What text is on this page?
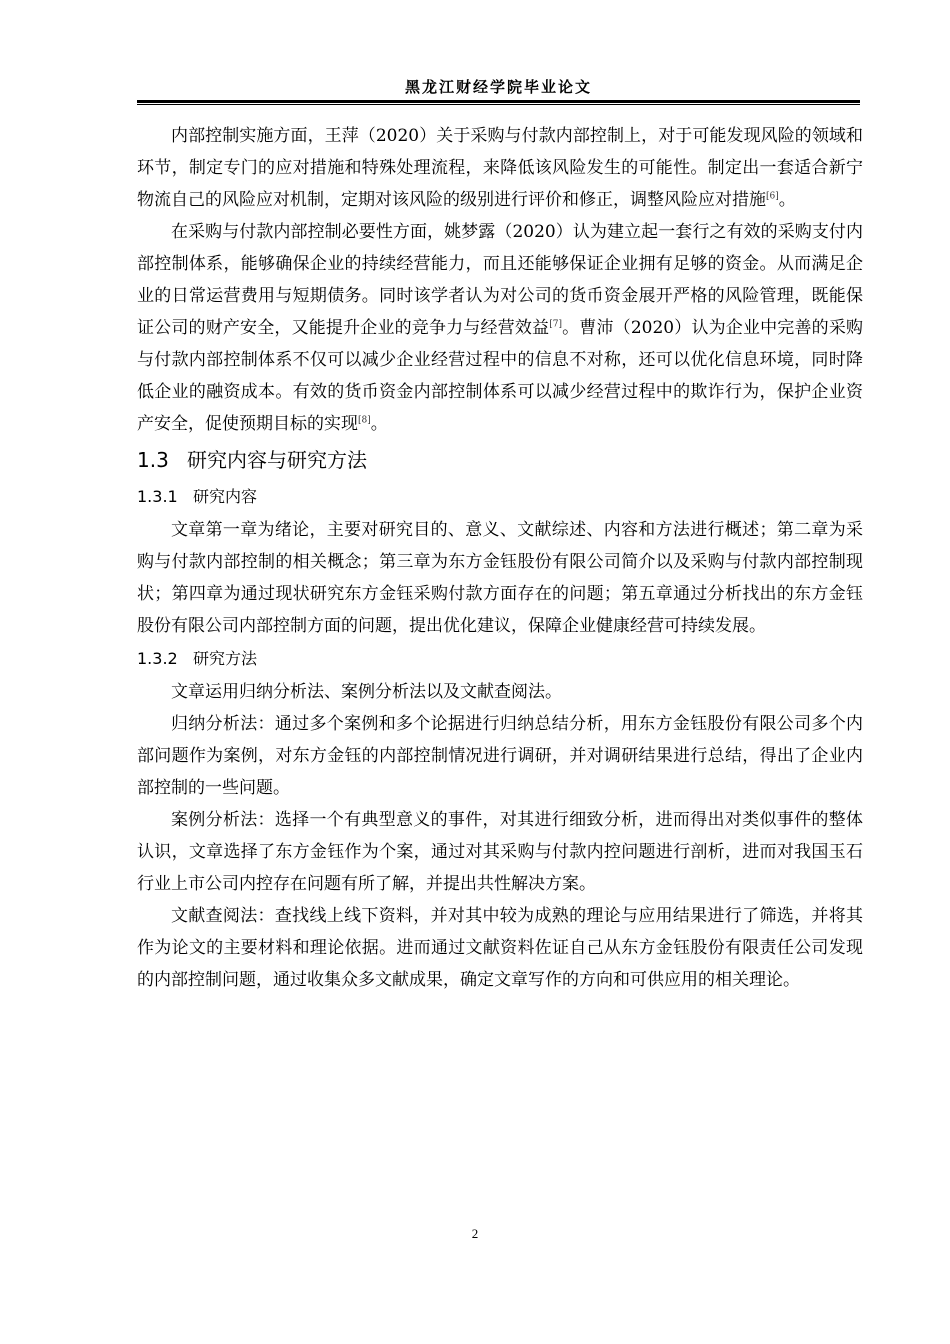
黑龙江财经学院毕业论文

内部控制实施方面，王萍（2020）关于采购与付款内部控制上，对于可能发现风险的领域和环节，制定专门的应对措施和特殊处理流程，来降低该风险发生的可能性。制定出一套适合新宁物流自己的风险应对机制，定期对该风险的级别进行评价和修正，调整风险应对措施[6]。

在采购与付款内部控制必要性方面，姚梦露（2020）认为建立起一套行之有效的采购支付内部控制体系，能够确保企业的持续经营能力，而且还能够保证企业拥有足够的资金。从而满足企业的日常运营费用与短期债务。同时该学者认为对公司的货币资金展开严格的风险管理，既能保证公司的财产安全，又能提升企业的竞争力与经营效益[7]。曹沛（2020）认为企业中完善的采购与付款内部控制体系不仅可以减少企业经营过程中的信息不对称，还可以优化信息环境，同时降低企业的融资成本。有效的货币资金内部控制体系可以减少经营过程中的欺诈行为，保护企业资产安全，促使预期目标的实现[8]。

1.3 研究内容与研究方法
1.3.1 研究内容

文章第一章为绪论，主要对研究目的、意义、文献综述、内容和方法进行概述；第二章为采购与付款内部控制的相关概念；第三章为东方金钰股份有限公司简介以及采购与付款内部控制现状；第四章为通过现状研究东方金钰采购付款方面存在的问题；第五章通过分析找出的东方金钰股份有限公司内部控制方面的问题，提出优化建议，保障企业健康经营可持续发展。

1.3.2 研究方法

文章运用归纳分析法、案例分析法以及文献查阅法。

归纳分析法：通过多个案例和多个论据进行归纳总结分析，用东方金钰股份有限公司多个内部问题作为案例，对东方金钰的内部控制情况进行调研，并对调研结果进行总结，得出了企业内部控制的一些问题。

案例分析法：选择一个有典型意义的事件，对其进行细致分析，进而得出对类似事件的整体认识，文章选择了东方金钰作为个案，通过对其采购与付款内控问题进行剖析，进而对我国玉石行业上市公司内控存在问题有所了解，并提出共性解决方案。

文献查阅法：查找线上线下资料，并对其中较为成熟的理论与应用结果进行了筛选，并将其作为论文的主要材料和理论依据。进而通过文献资料佐证自己从东方金钰股份有限责任公司发现的内部控制问题，通过收集众多文献成果，确定文章写作的方向和可供应用的相关理论。

2
